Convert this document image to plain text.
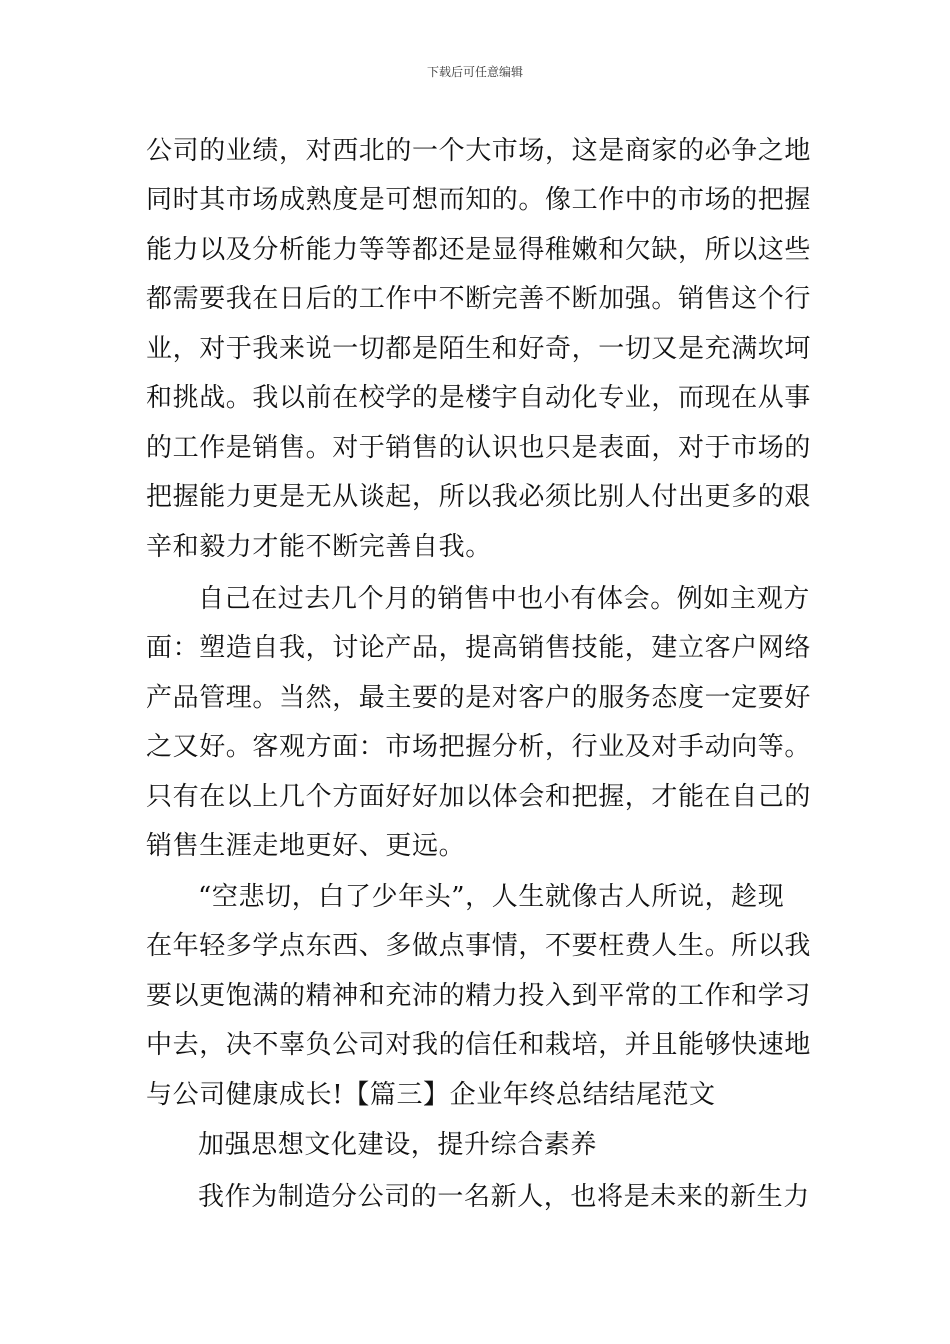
下载后可任意编辑
公司的业绩，对西北的一个大市场，这是商家的必争之地
同时其市场成熟度是可想而知的。像工作中的市场的把握
能力以及分析能力等等都还是显得稚嫩和欠缺，所以这些
都需要我在日后的工作中不断完善不断加强。销售这个行
业，对于我来说一切都是陌生和好奇，一切又是充满坎坷
和挑战。我以前在校学的是楼宇自动化专业，而现在从事
的工作是销售。对于销售的认识也只是表面，对于市场的
把握能力更是无从谈起，所以我必须比别人付出更多的艰
辛和毅力才能不断完善自我。
自己在过去几个月的销售中也小有体会。例如主观方
面：塑造自我，讨论产品，提高销售技能，建立客户网络
产品管理。当然，最主要的是对客户的服务态度一定要好
之又好。客观方面：市场把握分析，行业及对手动向等。
只有在以上几个方面好好加以体会和把握，才能在自己的
销售生涯走地更好、更远。
“空悲切，白了少年头”，人生就像古人所说，趁现
在年轻多学点东西、多做点事情，不要枉费人生。所以我
要以更饱满的精神和充沛的精力投入到平常的工作和学习
中去，决不辜负公司对我的信任和栽培，并且能够快速地
与公司健康成长!【篇三】企业年终总结结尾范文
加强思想文化建设，提升综合素养
我作为制造分公司的一名新人，也将是未来的新生力
